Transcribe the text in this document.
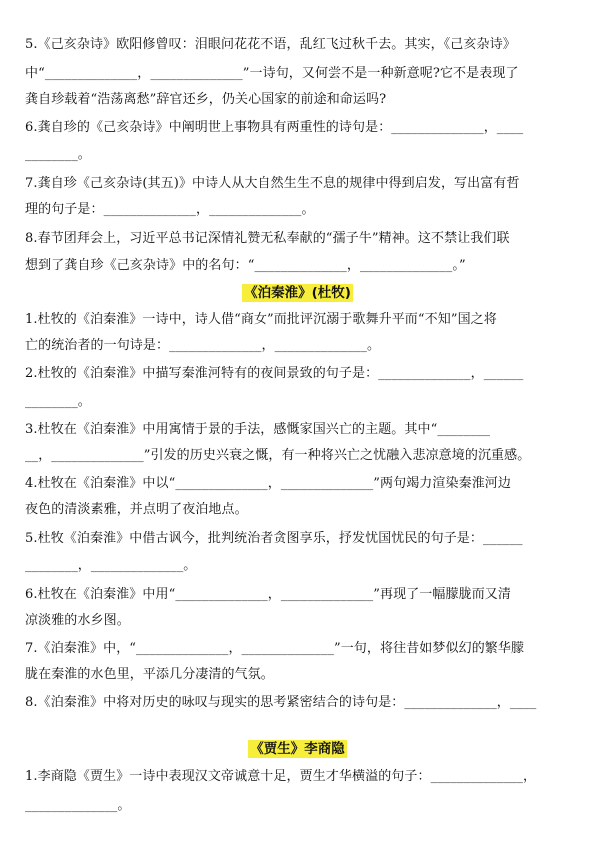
5.《己亥杂诗》欧阳修曾叹：泪眼问花花不语，乱红飞过秋千去。其实，《己亥杂诗》
中“______________，______________”一诗句，又何尝不是一种新意呢?它不是表现了
龚自珍载着“浩荡离愁”辞官还乡，仍关心国家的前途和命运吗?
6.龚自珍的《己亥杂诗》中阐明世上事物具有两重性的诗句是：______________，____
________。
7.龚自珍《己亥杂诗(其五)》中诗人从大自然生生不息的规律中得到启发，写出富有哲
理的句子是：______________，______________。
8.春节团拜会上，习近平总书记深情礼赞无私奉献的“孺子牛”精神。这不禁让我们联
想到了龚自珍《己亥杂诗》中的名句：“______________，______________。”
《泊秦淮》(杜牧)
1.杜牧的《泊秦淮》一诗中，诗人借“商女”而批评沉溺于歌舞升平而“不知”国之将
亡的统治者的一句诗是：______________，______________。
2.杜牧的《泊秦淮》中描写秦淮河特有的夜间景致的句子是：______________，______
________。
3.杜牧在《泊秦淮》中用寓情于景的手法，感慨家国兴亡的主题。其中“________
__，______________”引发的历史兴衰之慨，有一种将兴亡之忧融入悲凉意境的沉重感。
4.杜牧在《泊秦淮》中以“______________，______________”两句竭力渲染秦淮河边
夜色的清淡素雅，并点明了夜泊地点。
5.杜牧《泊秦淮》中借古讽今，批判统治者贪图享乐，抒发忧国忧民的句子是：______
________，______________。
6.杜牧在《泊秦淮》中用“______________，______________”再现了一幅朦胧而又清
凉淡雅的水乡图。
7.《泊秦淮》中，“______________，______________”一句，将往昔如梦似幻的繁华朦
胧在秦淮的水色里，平添几分凄清的气氛。
8.《泊秦淮》中将对历史的咏叹与现实的思考紧密结合的诗句是：______________，____
《贾生》李商隐
1.李商隐《贾生》一诗中表现汉文帝诚意十足，贾生才华横溢的句子：______________，
______________。
